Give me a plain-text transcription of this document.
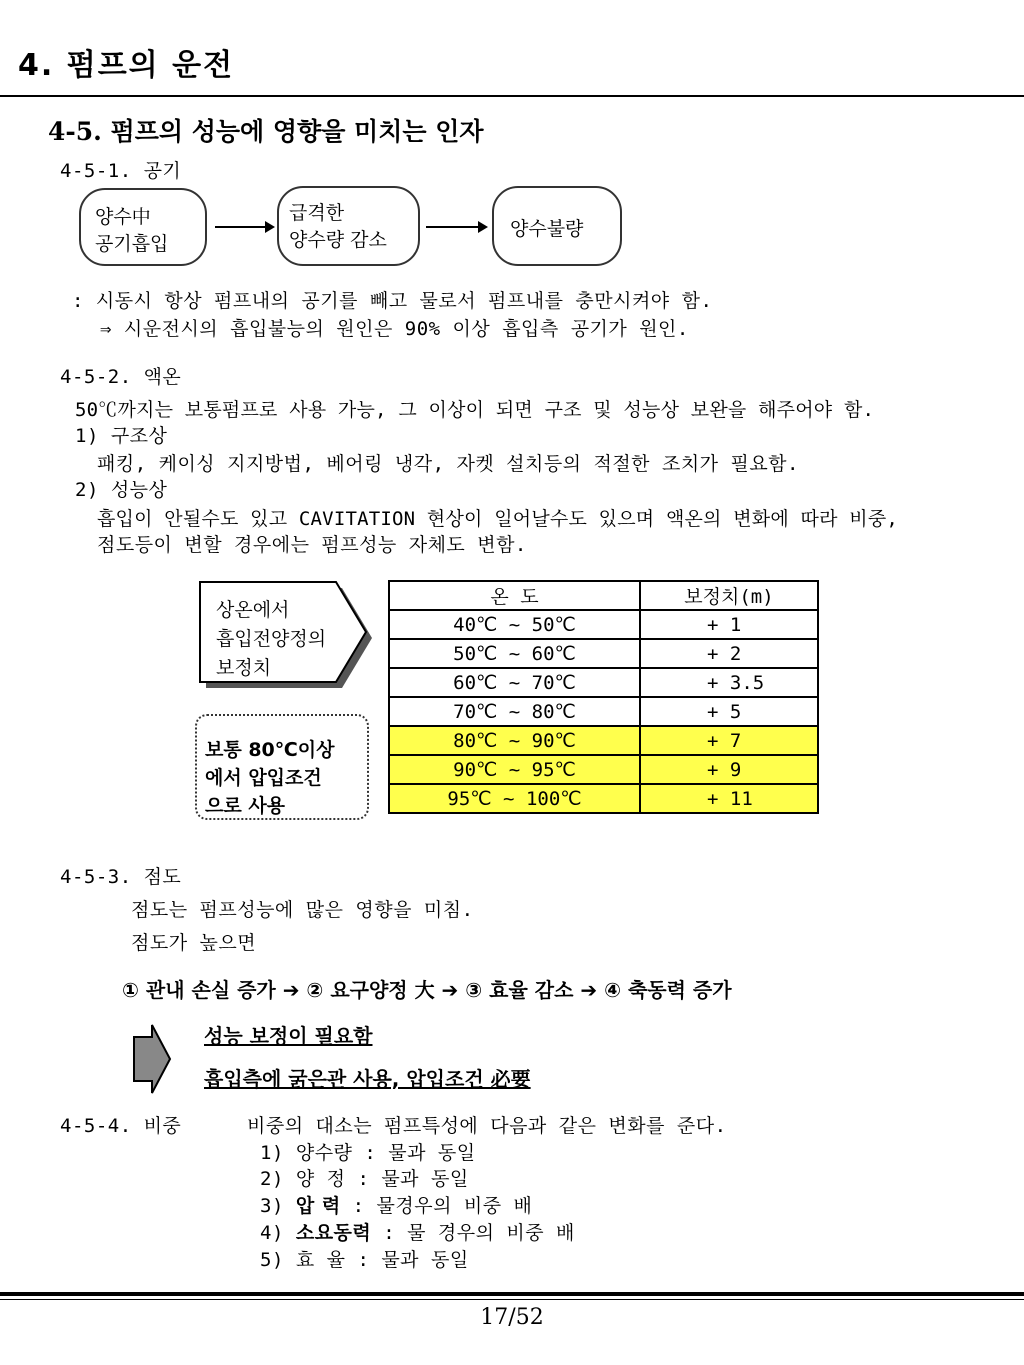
4. 펌프의 운전
4-5. 펌프의 성능에 영향을 미치는 인자
4-5-1. 공기
양수中
공기흡입
급격한
양수량 감소	양수불량
: 시동시 항상 펌프내의 공기를 빼고 물로서 펌프내를 충만시켜야 함.
⇒ 시운전시의 흡입불능의 원인은 90% 이상 흡입측 공기가 원인.
4-5-2. 액온
50℃까지는 보통펌프로 사용 가능, 그 이상이 되면 구조 및 성능상 보완을 해주어야 함.
1) 구조상
패킹, 케이싱 지지방법, 베어링 냉각, 자켓 설치등의 적절한 조치가 필요함.
2) 성능상
흡입이 안될수도 있고 CAVITATION 현상이 일어날수도 있으며 액온의 변화에 따라 비중,
점도등이 변할 경우에는 펌프성능 자체도 변함.
상온에서
흡입전양정의
보정치
보통 80℃이상
에서 압입조건
으로 사용
온 도	보정치(m)
40℃ ~ 50℃	+ 1
50℃ ~ 60℃	+ 2
60℃ ~ 70℃	+ 3.5
70℃ ~ 80℃	+ 5
80℃ ~ 90℃	+ 7
90℃ ~ 95℃	+ 9
95℃ ~ 100℃	+ 11
4-5-3. 점도
점도는 펌프성능에 많은 영향을 미침.
점도가 높으면
① 관내 손실 증가 ➔ ② 요구양정 大 ➔ ③ 효율 감소 ➔ ④ 축동력 증가
성능 보정이 필요함
흡입측에 굵은관 사용, 압입조건 必要
4-5-4. 비중	비중의 대소는 펌프특성에 다음과 같은 변화를 준다.
1) 양수량 : 물과 동일
2) 양 정 : 물과 동일
3) 압 력 : 물경우의 비중 배
4) 소요동력 : 물 경우의 비중 배
5) 효 율 : 물과 동일
17/52
